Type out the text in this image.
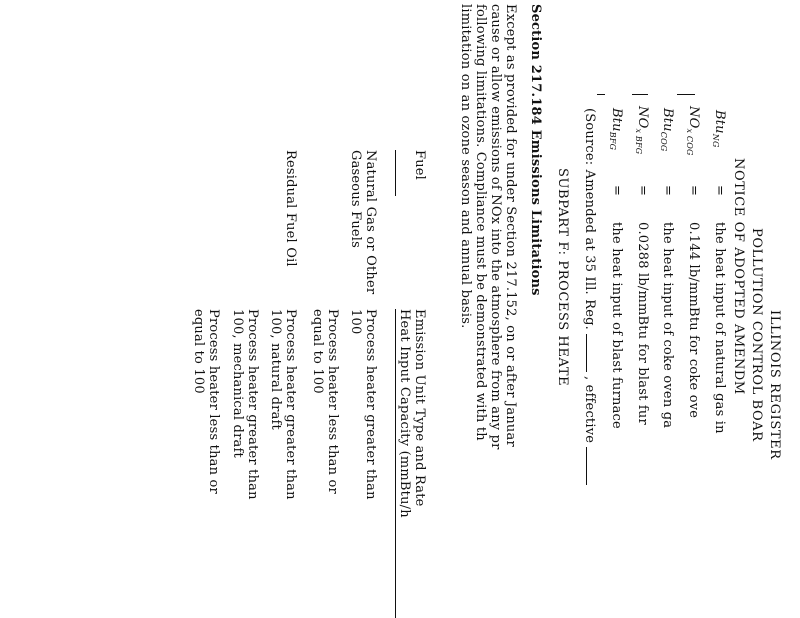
ILLINOIS REGISTER
POLLUTION CONTROL BOAR
NOTICE OF ADOPTED AMENDM
Btu$_{NG}$
=
the heat input of natural gas in
$NO_{x COG}$
=
0.144 lb/mmBtu for coke ove
Btu$_{COG}$
=
the heat input of coke oven ga
$NO_{x BFG}$
=
0.0288 lb/mmBtu for blast fur
Btu$_{BFG}$
=
the heat input of blast furnace
(Source: Amended at 35 Ill. Reg., effective
SUBPART F: PROCESS HEATE
Section 217.184 Emissions Limitations
Except as provided for under Section 217.152, on or after Januar
cause or allow emissions of NOx into the atmosphere from any pr
following limitations. Compliance must be demonstrated with th
limitation on an ozone season and annual basis.
Fuel
Emission Unit Type and Rate
Heat Input Capacity (mmBtu/h
Natural Gas or Other
Gaseous Fuels
Process heater greater than
100
Process heater less than or
equal to 100
Residual Fuel Oil
Process heater greater than
100, natural draft
Process heater greater than
100, mechanical draft
Process heater less than or
equal to 100
